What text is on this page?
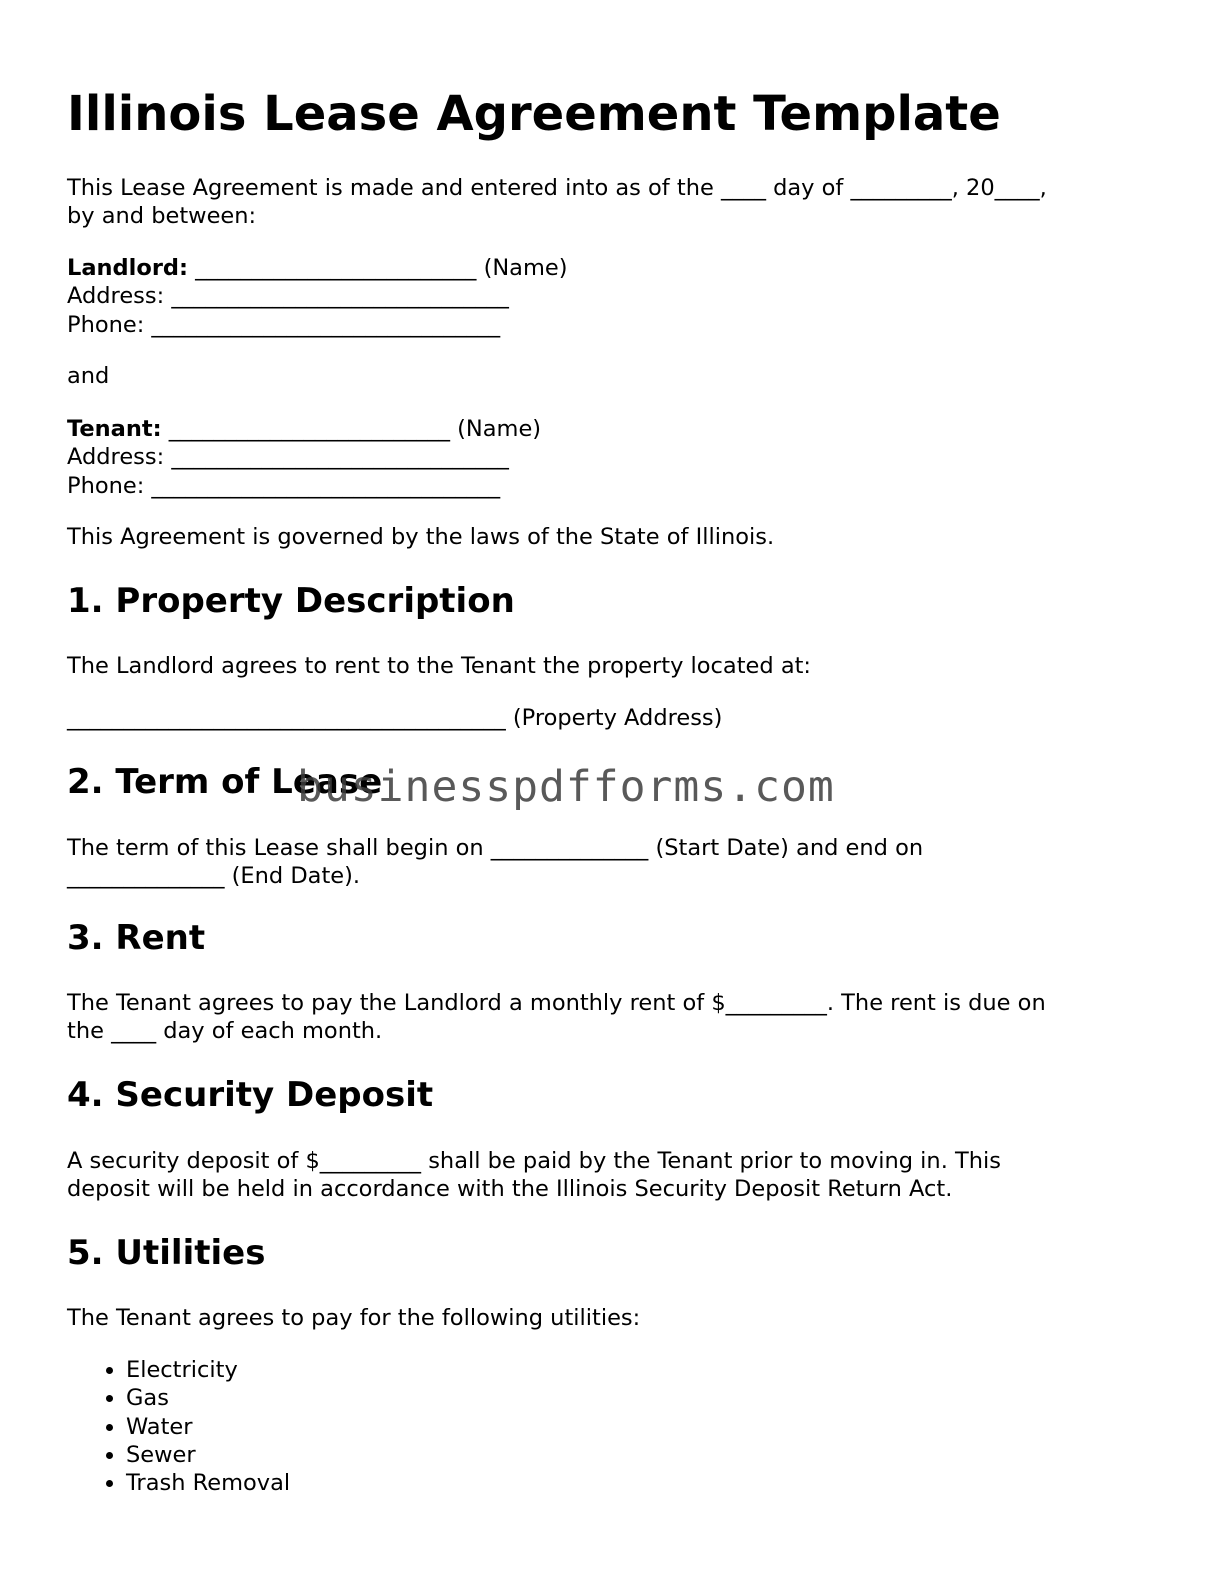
Illinois Lease Agreement Template

This Lease Agreement is made and entered into as of the ____ day of _________, 20____,

by and between:

Landlord: _________________________ (Name)

Address: ______________________________

Phone: _______________________________

and

Tenant: _________________________ (Name)

Address: ______________________________

Phone: _______________________________

This Agreement is governed by the laws of the State of Illinois.

1. Property Description

The Landlord agrees to rent to the Tenant the property located at:

_______________________________________ (Property Address)

2. Term of Lease

The term of this Lease shall begin on ______________ (Start Date) and end on

______________ (End Date).

3. Rent

The Tenant agrees to pay the Landlord a monthly rent of $_________. The rent is due on

the ____ day of each month.

4. Security Deposit

A security deposit of $_________ shall be paid by the Tenant prior to moving in. This

deposit will be held in accordance with the Illinois Security Deposit Return Act.

5. Utilities

The Tenant agrees to pay for the following utilities:

• Electricity
• Gas
• Water
• Sewer
• Trash Removal
businesspdfforms.com
